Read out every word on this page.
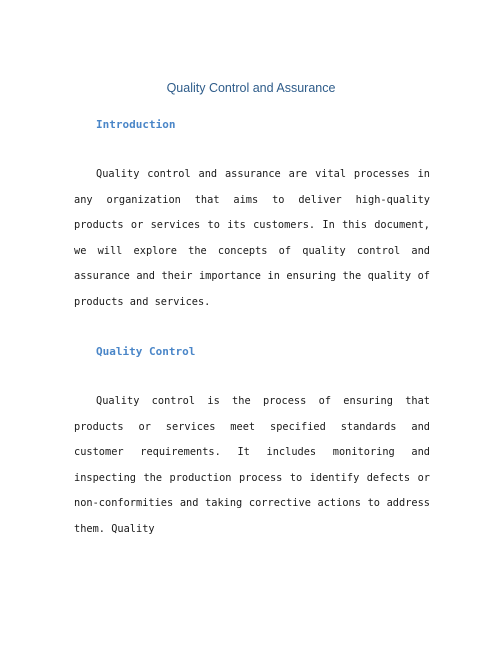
Quality Control and Assurance
Introduction

Quality control and assurance are vital processes in any organization that aims to deliver high-quality products or services to its customers. In this document, we will explore the concepts of quality control and assurance and their importance in ensuring the quality of products and services.

Quality Control

Quality control is the process of ensuring that products or services meet specified standards and customer requirements. It includes monitoring and inspecting the production process to identify defects or non-conformities and taking corrective actions to address them. Quality
